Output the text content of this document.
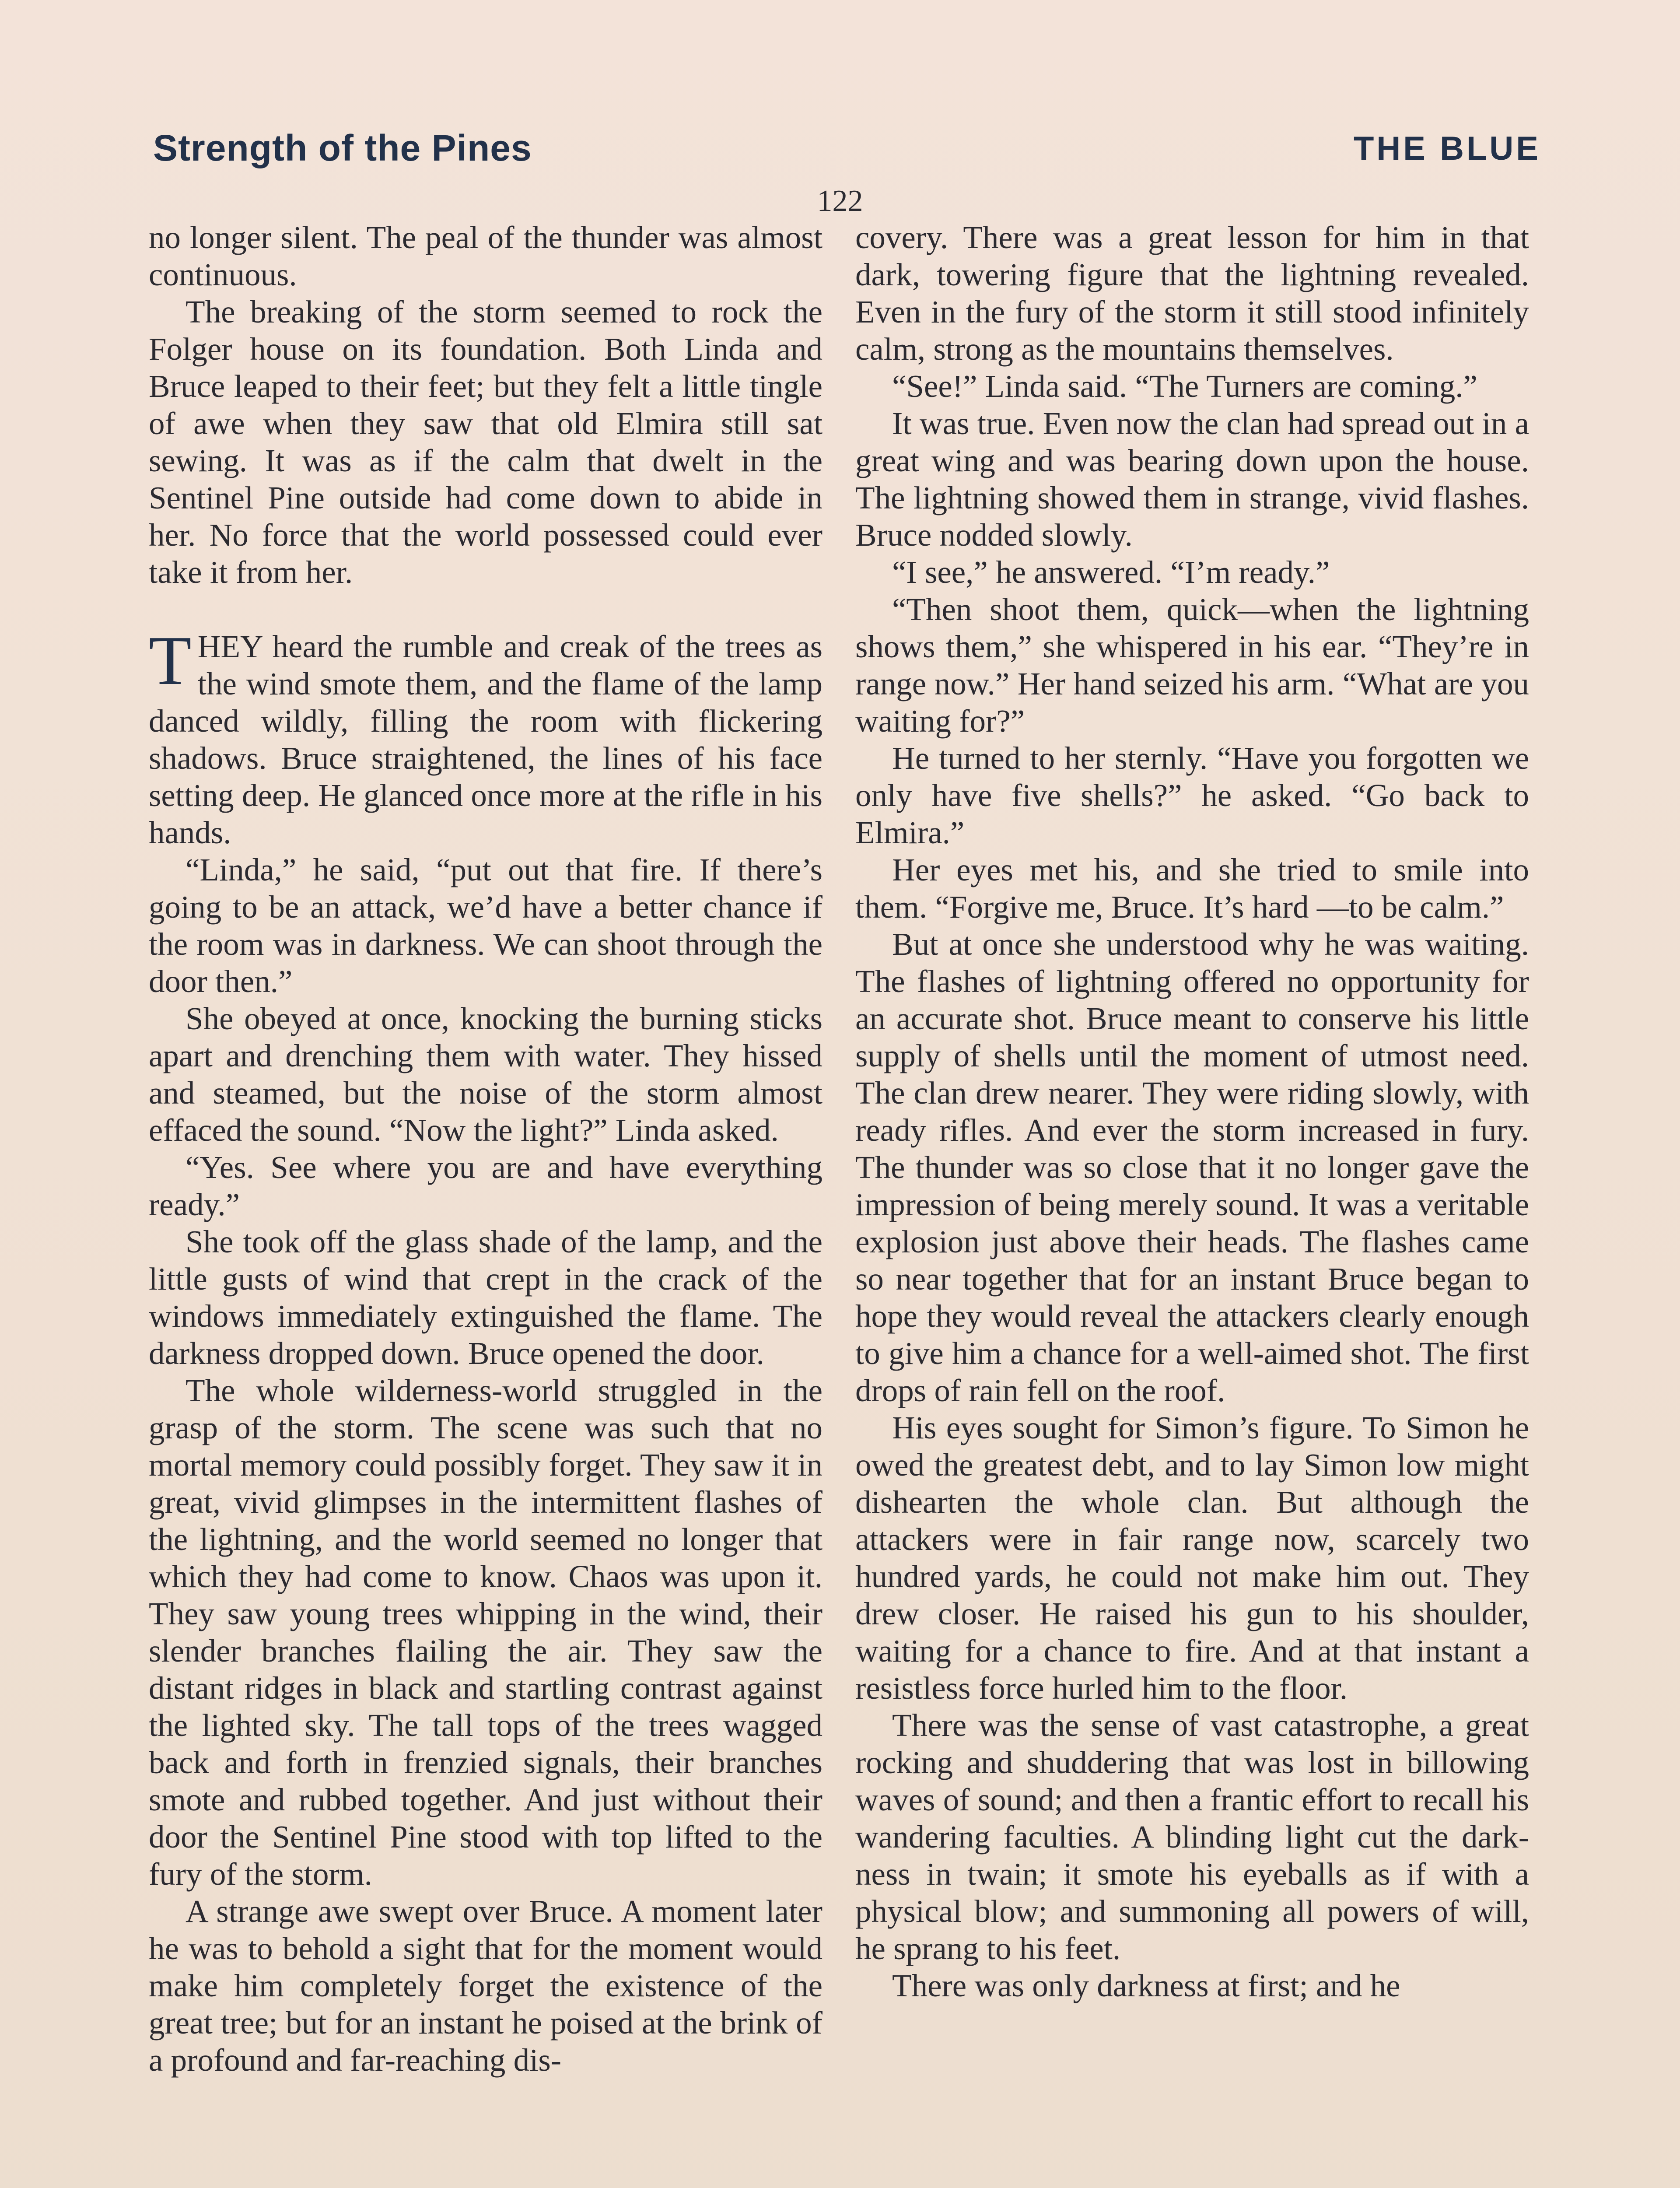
Strength of the Pines	THE BLUE
122

no longer silent. The peal of the thunder was almost continuous.

The breaking of the storm seemed to rock the Folger house on its foundation. Both Linda and Bruce leaped to their feet; but they felt a little tingle of awe when they saw that old Elmira still sat sewing. It was as if the calm that dwelt in the Sentinel Pine outside had come down to abide in her. No force that the world possessed could ever take it from her.

THEY heard the rumble and creak of the trees as the wind smote them, and the flame of the lamp danced wildly, filling the room with flickering shadows. Bruce straightened, the lines of his face setting deep. He glanced once more at the rifle in his hands.

“Linda,” he said, “put out that fire. If there’s going to be an attack, we’d have a better chance if the room was in darkness. We can shoot through the door then.”

She obeyed at once, knocking the burning sticks apart and drenching them with water. They hissed and steamed, but the noise of the storm almost effaced the sound. “Now the light?” Linda asked.

“Yes. See where you are and have everything ready.”

She took off the glass shade of the lamp, and the little gusts of wind that crept in the crack of the windows immediately extinguished the flame. The darkness dropped down. Bruce opened the door.

The whole wilderness-world struggled in the grasp of the storm. The scene was such that no mortal memory could possibly forget. They saw it in great, vivid glimpses in the intermittent flashes of the lightning, and the world seemed no longer that which they had come to know. Chaos was upon it. They saw young trees whipping in the wind, their slender branches flailing the air. They saw the distant ridges in black and startling contrast against the lighted sky. The tall tops of the trees wagged back and forth in frenzied signals, their branches smote and rubbed together. And just without their door the Sentinel Pine stood with top lifted to the fury of the storm.

A strange awe swept over Bruce. A moment later he was to behold a sight that for the moment would make him completely forget the existence of the great tree; but for an instant he poised at the brink of a profound and far-reaching dis-

covery. There was a great lesson for him in that dark, towering figure that the lightning revealed. Even in the fury of the storm it still stood infinitely calm, strong as the mountains themselves.

“See!” Linda said. “The Turners are coming.”

It was true. Even now the clan had spread out in a great wing and was bearing down upon the house. The lightning showed them in strange, vivid flashes. Bruce nodded slowly.

“I see,” he answered. “I’m ready.”

“Then shoot them, quick—when the lightning shows them,” she whispered in his ear. “They’re in range now.” Her hand seized his arm. “What are you waiting for?”

He turned to her sternly. “Have you forgotten we only have five shells?” he asked. “Go back to Elmira.”

Her eyes met his, and she tried to smile into them. “Forgive me, Bruce. It’s hard —to be calm.”

But at once she understood why he was waiting. The flashes of lightning offered no opportunity for an accurate shot. Bruce meant to conserve his little supply of shells until the moment of utmost need. The clan drew nearer. They were riding slowly, with ready rifles. And ever the storm increased in fury. The thunder was so close that it no longer gave the impression of being merely sound. It was a veritable explosion just above their heads. The flashes came so near together that for an instant Bruce began to hope they would reveal the attackers clearly enough to give him a chance for a well-aimed shot. The first drops of rain fell on the roof.

His eyes sought for Simon’s figure. To Simon he owed the greatest debt, and to lay Simon low might dishearten the whole clan. But although the attackers were in fair range now, scarcely two hundred yards, he could not make him out. They drew closer. He raised his gun to his shoulder, waiting for a chance to fire. And at that instant a resistless force hurled him to the floor.

There was the sense of vast catastrophe, a great rocking and shuddering that was lost in billowing waves of sound; and then a frantic effort to recall his wandering faculties. A blinding light cut the darkness in twain; it smote his eyeballs as if with a physical blow; and summoning all powers of will, he sprang to his feet.

There was only darkness at first; and he
